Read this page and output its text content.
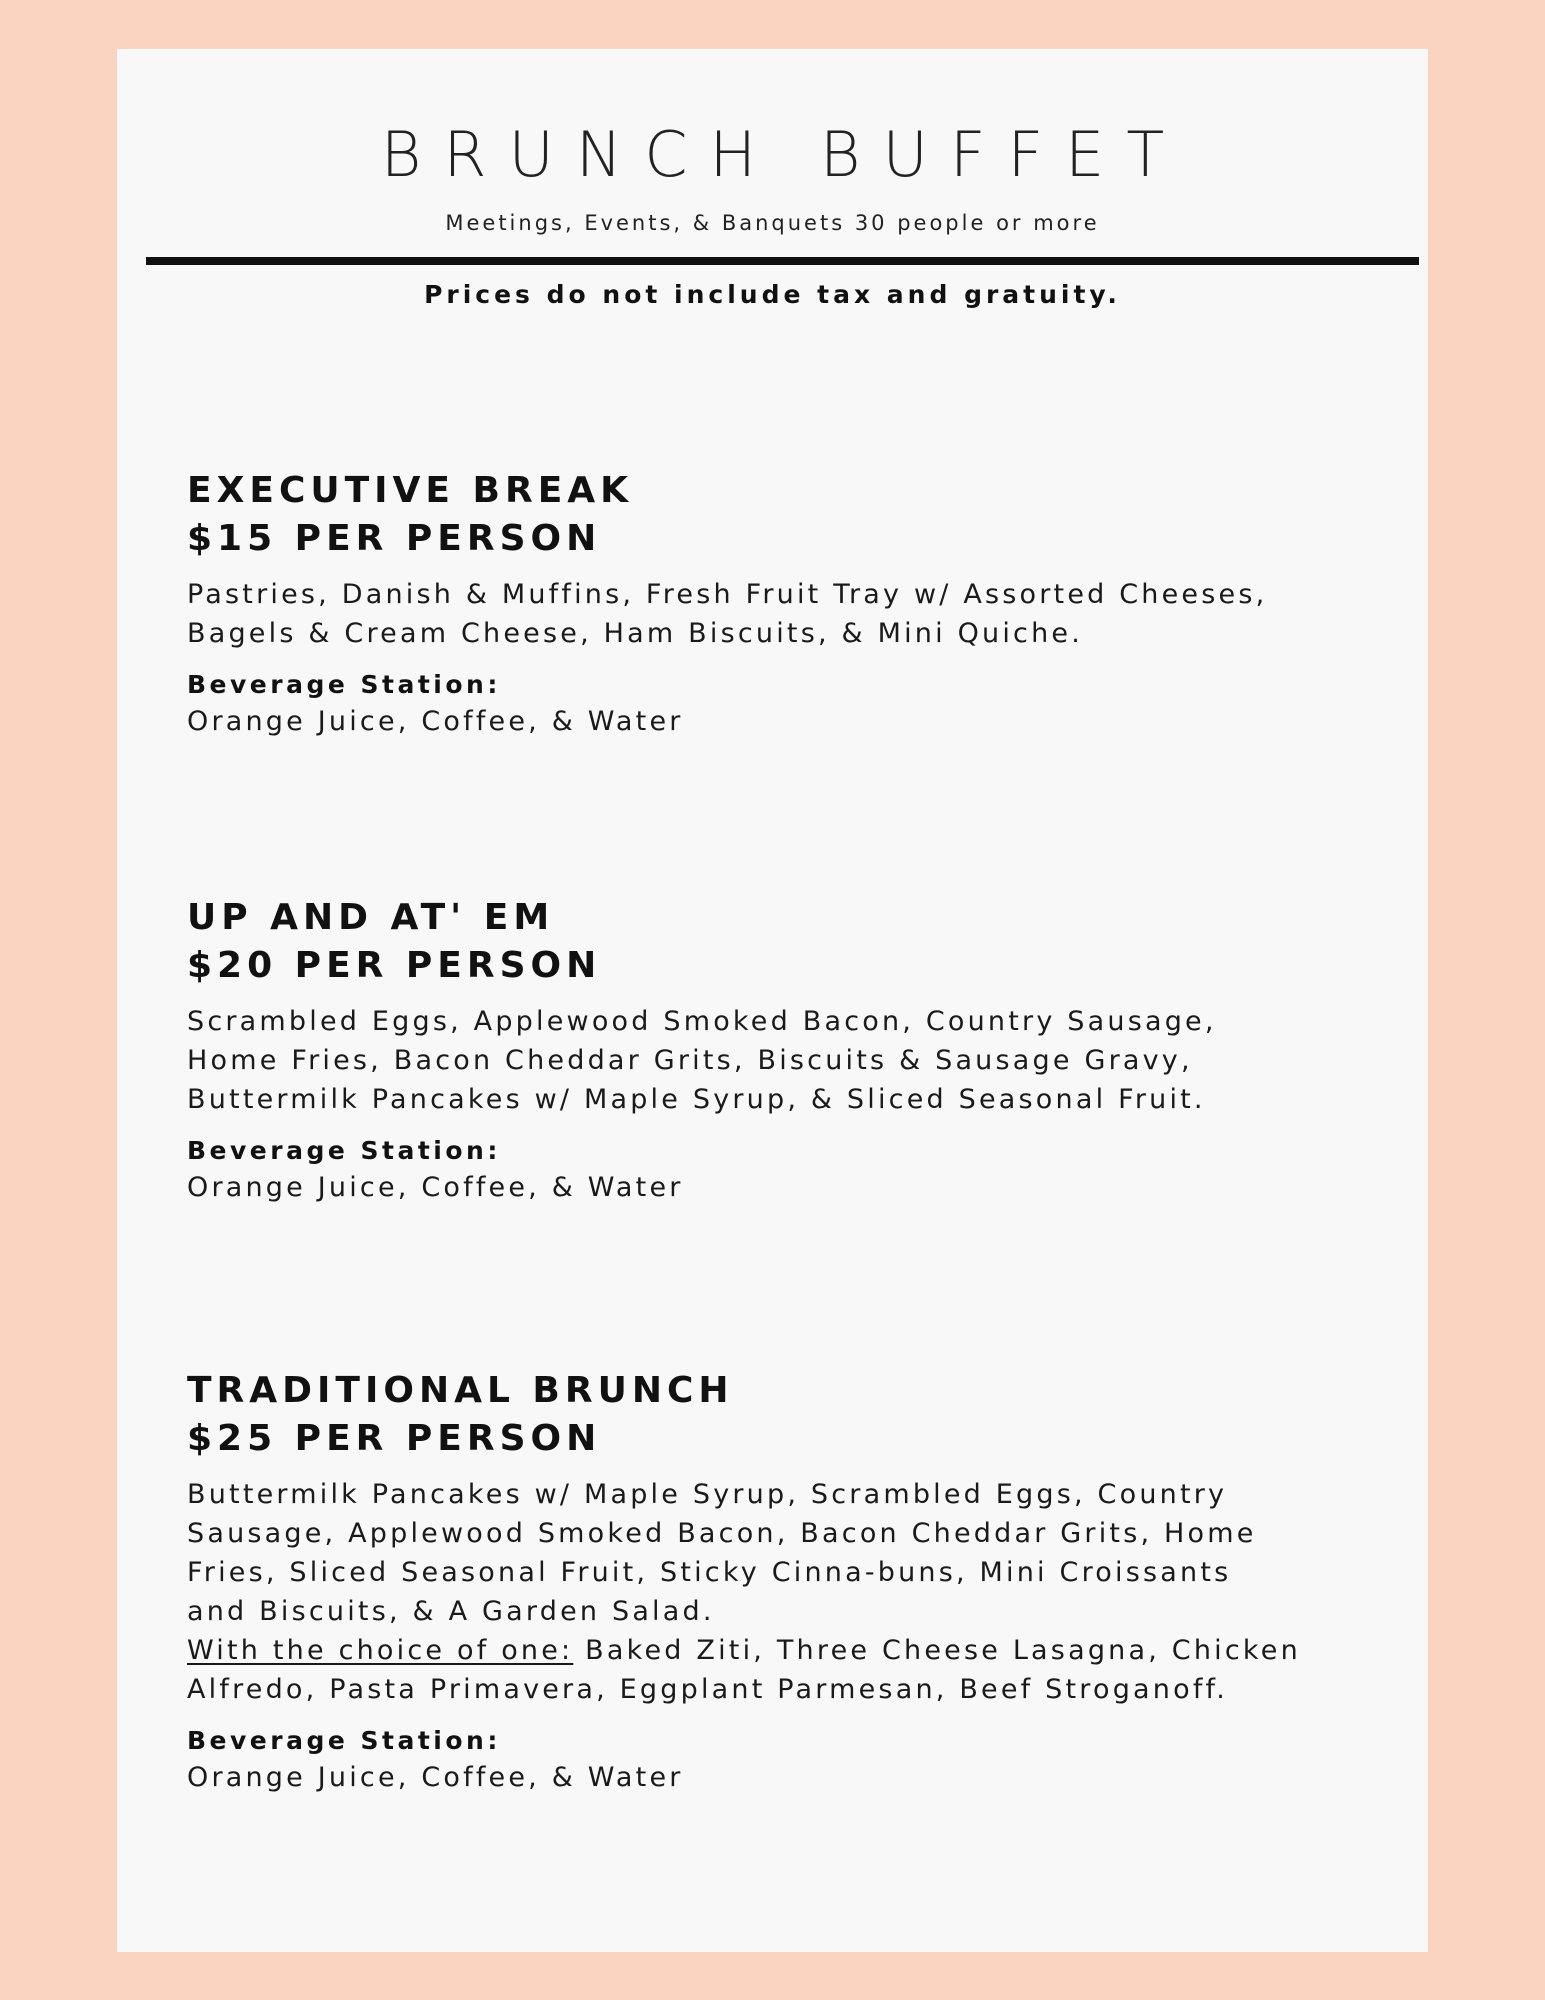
BRUNCH BUFFET
Meetings, Events, & Banquets 30 people or more
Prices do not include tax and gratuity.
EXECUTIVE BREAK
$15 PER PERSON
Pastries, Danish & Muffins, Fresh Fruit Tray w/ Assorted Cheeses,
Bagels & Cream Cheese, Ham Biscuits, & Mini Quiche.
Beverage Station:
Orange Juice, Coffee, & Water
UP AND AT' EM
$20 PER PERSON
Scrambled Eggs, Applewood Smoked Bacon, Country Sausage,
Home Fries, Bacon Cheddar Grits, Biscuits & Sausage Gravy,
Buttermilk Pancakes w/ Maple Syrup, & Sliced Seasonal Fruit.
Beverage Station:
Orange Juice, Coffee, & Water
TRADITIONAL BRUNCH
$25 PER PERSON
Buttermilk Pancakes w/ Maple Syrup, Scrambled Eggs, Country
Sausage, Applewood Smoked Bacon, Bacon Cheddar Grits, Home
Fries, Sliced Seasonal Fruit, Sticky Cinna-buns, Mini Croissants
and Biscuits, & A Garden Salad.
With the choice of one: Baked Ziti, Three Cheese Lasagna, Chicken
Alfredo, Pasta Primavera, Eggplant Parmesan, Beef Stroganoff.
Beverage Station:
Orange Juice, Coffee, & Water
